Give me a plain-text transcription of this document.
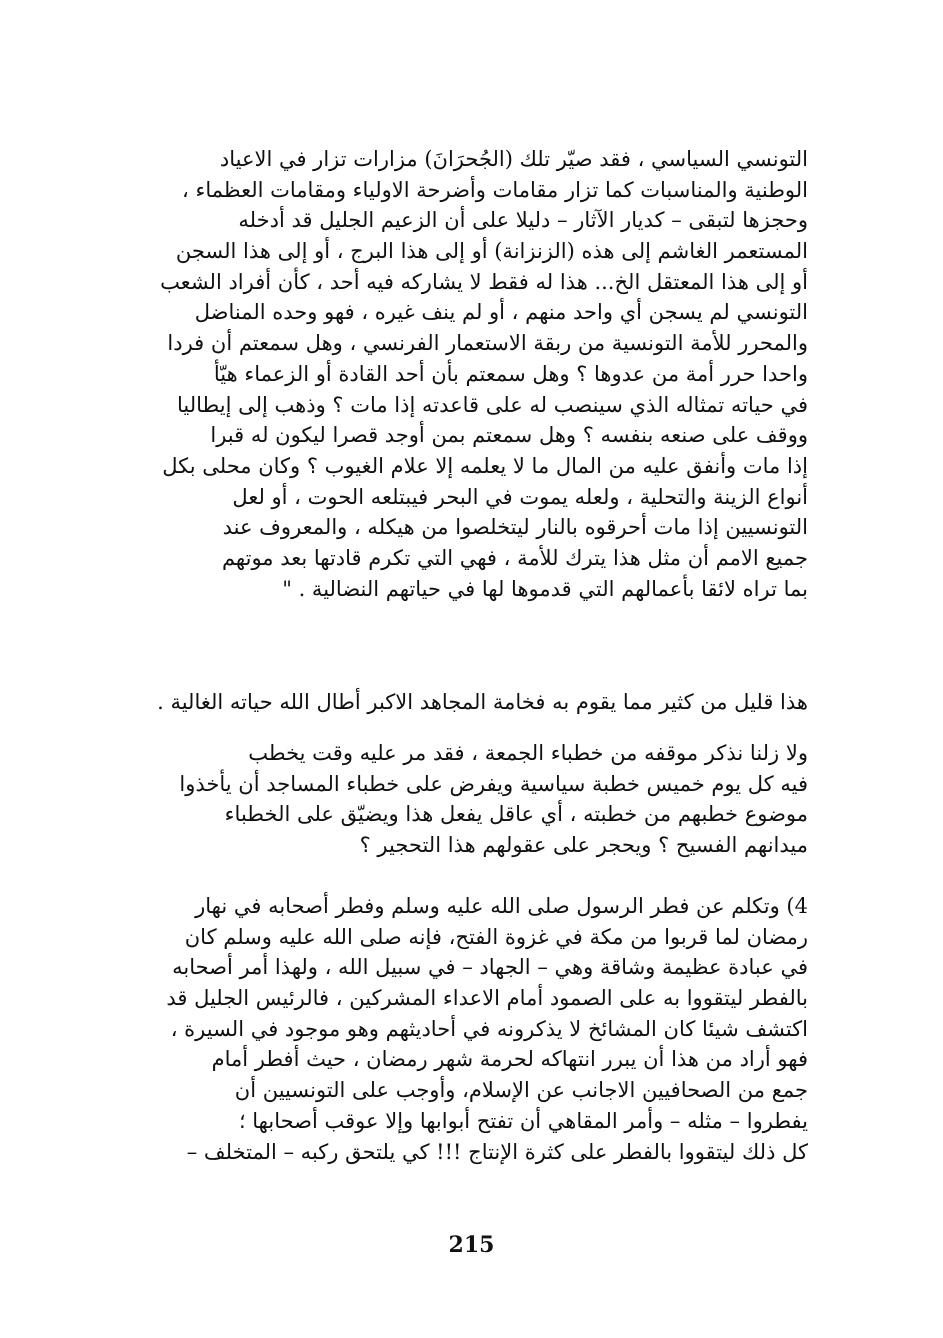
التونسي السياسي ، فقد صيّر تلك (الجُحرَانَ) مزارات تزار في الاعياد
الوطنية والمناسبات كما تزار مقامات وأضرحة الاولياء ومقامات العظماء ،
وحجزها لتبقى – كديار الآثار – دليلا على أن الزعيم الجليل قد أدخله
المستعمر الغاشم إلى هذه (الزنزانة) أو إلى هذا البرج ، أو إلى هذا السجن
أو إلى هذا المعتقل الخ... هذا له فقط لا يشاركه فيه أحد ، كأن أفراد الشعب
التونسي لم يسجن أي واحد منهم ، أو لم ينف غيره ، فهو وحده المناضل
والمحرر للأمة التونسية من ربقة الاستعمار الفرنسي ، وهل سمعتم أن فردا
واحدا حرر أمة من عدوها ؟ وهل سمعتم بأن أحد القادة أو الزعماء هيّأ
في حياته تمثاله الذي سينصب له على قاعدته إذا مات ؟ وذهب إلى إيطاليا
ووقف على صنعه بنفسه ؟ وهل سمعتم بمن أوجد قصرا ليكون له قبرا
إذا مات وأنفق عليه من المال ما لا يعلمه إلا علام الغيوب ؟ وكان محلى بكل
أنواع الزينة والتحلية ، ولعله يموت في البحر فيبتلعه الحوت ، أو لعل
التونسيين إذا مات أحرقوه بالنار ليتخلصوا من هيكله ، والمعروف عند
جميع الامم أن مثل هذا يترك للأمة ، فهي التي تكرم قادتها بعد موتهم
بما تراه لائقا بأعمالهم التي قدموها لها في حياتهم النضالية . "
هذا قليل من كثير مما يقوم به فخامة المجاهد الاكبر أطال الله حياته الغالية .
ولا زلنا نذكر موقفه من خطباء الجمعة ، فقد مر عليه وقت يخطب
فيه كل يوم خميس خطبة سياسية ويفرض على خطباء المساجد أن يأخذوا
موضوع خطبهم من خطبته ، أي عاقل يفعل هذا ويضيّق على الخطباء
ميدانهم الفسيح ؟ ويحجر على عقولهم هذا التحجير ؟
4) وتكلم عن فطر الرسول صلى الله عليه وسلم وفطر أصحابه في نهار
رمضان لما قربوا من مكة في غزوة الفتح، فإنه صلى الله عليه وسلم كان
في عبادة عظيمة وشاقة وهي – الجهاد – في سبيل الله ، ولهذا أمر أصحابه
بالفطر ليتقووا به على الصمود أمام الاعداء المشركين ، فالرئيس الجليل قد
اكتشف شيئا كان المشائخ لا يذكرونه في أحاديثهم وهو موجود في السيرة ،
فهو أراد من هذا أن يبرر انتهاكه لحرمة شهر رمضان ، حيث أفطر أمام
جمع من الصحافيين الاجانب عن الإسلام، وأوجب على التونسيين أن
يفطروا – مثله – وأمر المقاهي أن تفتح أبوابها وإلا عوقب أصحابها ؛
كل ذلك ليتقووا بالفطر على كثرة الإنتاج !!! كي يلتحق ركبه – المتخلف –
215
